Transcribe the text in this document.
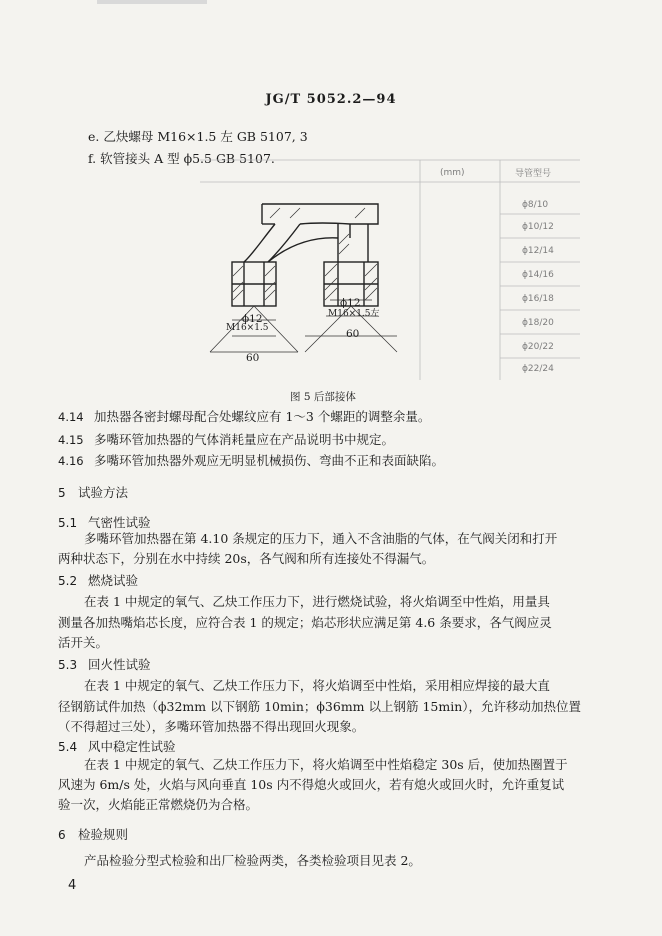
JG/T 5052.2—94
e. 乙炔螺母 M16×1.5 左 GB 5107, 3
f. 软管接头 A 型 ϕ5.5 GB 5107.
导管型号
(mm)
ϕ8/10
ϕ10/12
ϕ12/14
ϕ14/16
ϕ16/18
ϕ18/20
ϕ20/22
ϕ22/24
ϕ12
M16×1.5
60
ϕ12
M16×1.5左
60
图 5 后部接体
4.14 加热器各密封螺母配合处螺纹应有 1～3 个螺距的调整余量。
4.15 多嘴环管加热器的气体消耗量应在产品说明书中规定。
4.16 多嘴环管加热器外观应无明显机械损伤、弯曲不正和表面缺陷。
5 试验方法
5.1 气密性试验
多嘴环管加热器在第 4.10 条规定的压力下，通入不含油脂的气体，在气阀关闭和打开
两种状态下，分别在水中持续 20s，各气阀和所有连接处不得漏气。
5.2 燃烧试验
在表 1 中规定的氧气、乙炔工作压力下，进行燃烧试验，将火焰调至中性焰，用量具
测量各加热嘴焰芯长度，应符合表 1 的规定；焰芯形状应满足第 4.6 条要求，各气阀应灵
活开关。
5.3 回火性试验
在表 1 中规定的氧气、乙炔工作压力下，将火焰调至中性焰，采用相应焊接的最大直
径钢筋试件加热（ϕ32mm 以下钢筋 10min；ϕ36mm 以上钢筋 15min），允许移动加热位置
（不得超过三处），多嘴环管加热器不得出现回火现象。
5.4 风中稳定性试验
在表 1 中规定的氧气、乙炔工作压力下，将火焰调至中性焰稳定 30s 后，使加热圈置于
风速为 6m/s 处，火焰与风向垂直 10s 内不得熄火或回火，若有熄火或回火时，允许重复试
验一次，火焰能正常燃烧仍为合格。
6 检验规则
产品检验分型式检验和出厂检验两类，各类检验项目见表 2。
4
